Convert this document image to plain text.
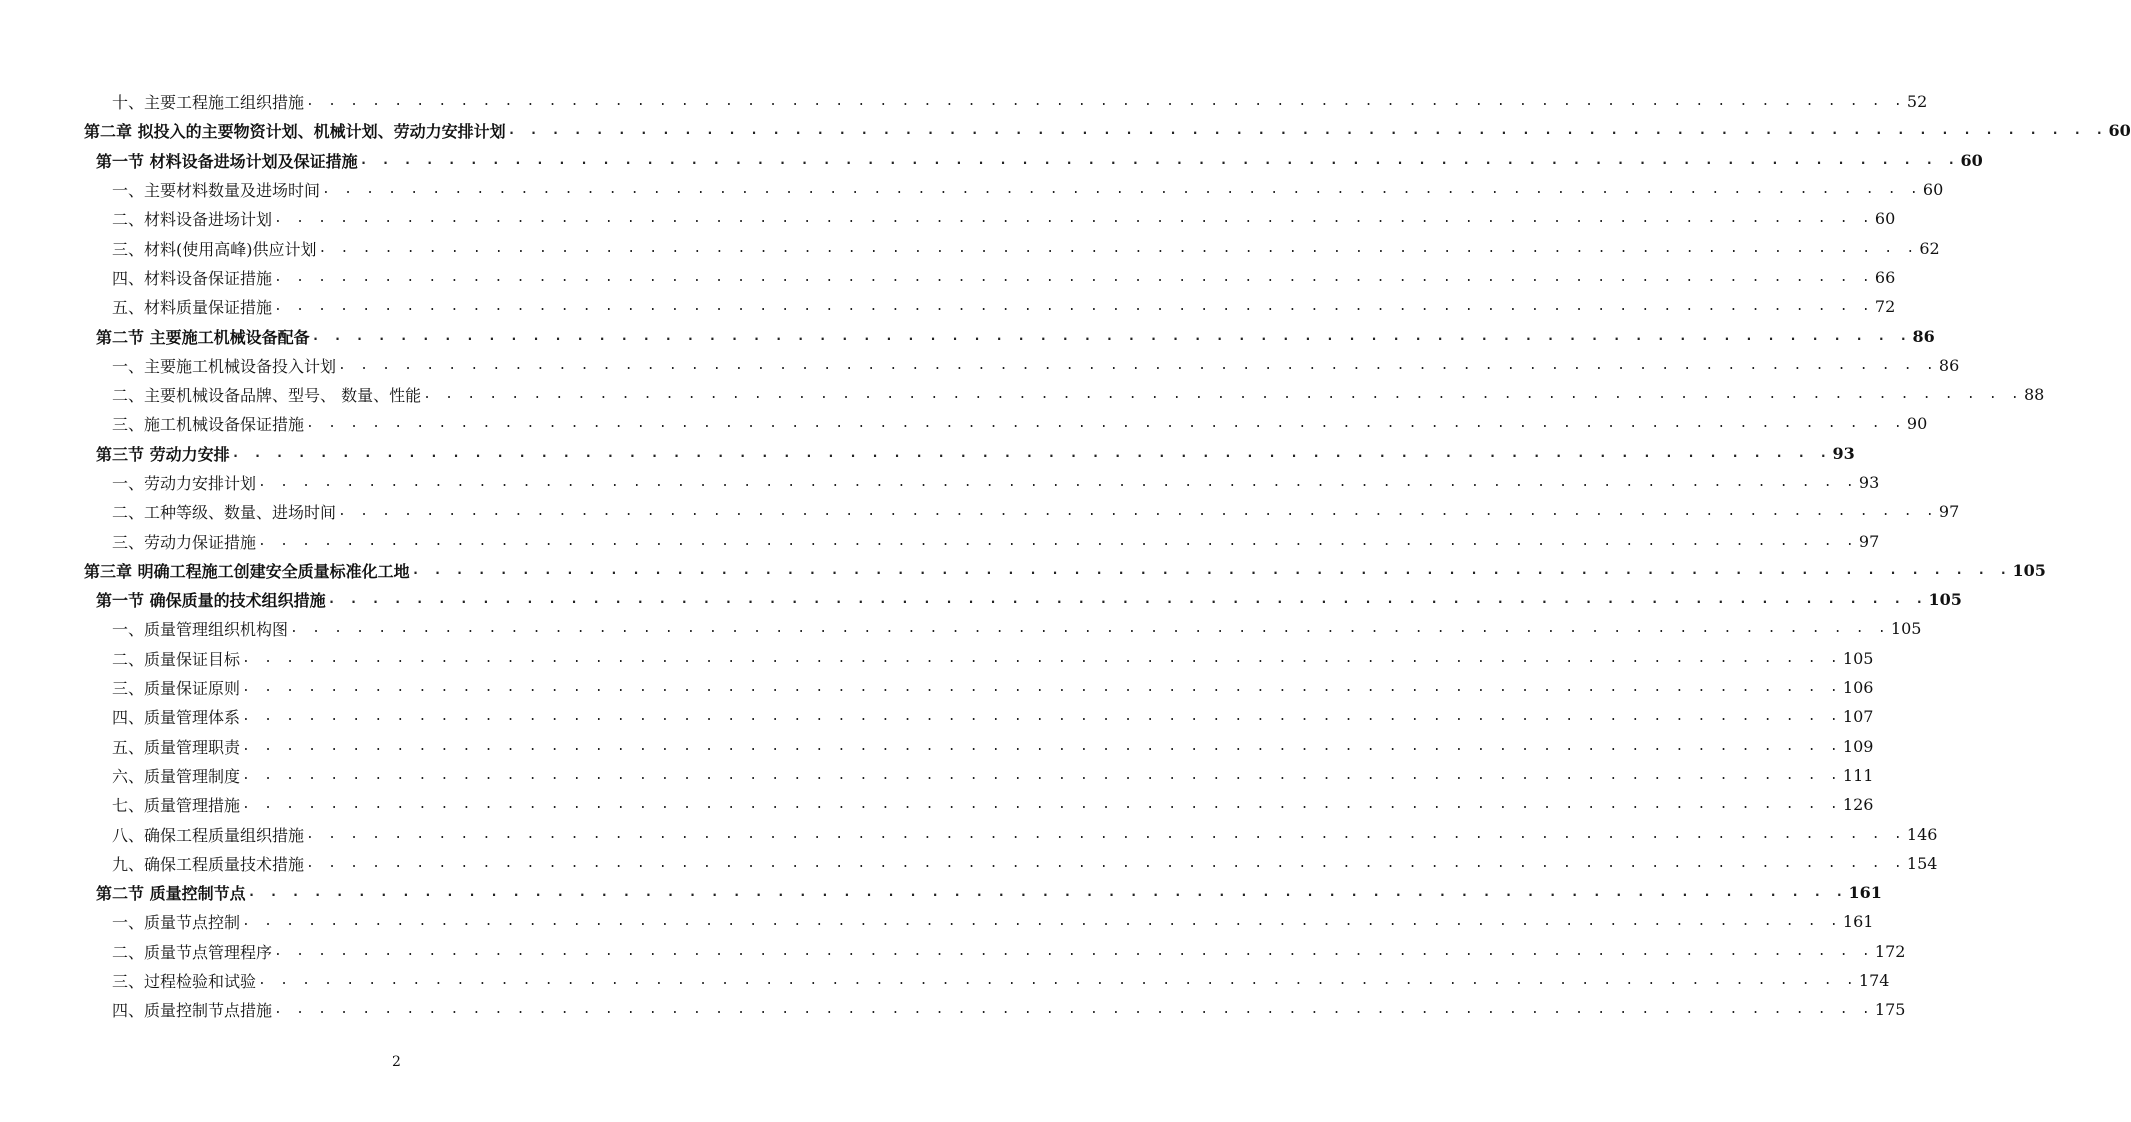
十、主要工程施工组织措施 . . . . . . . . . . . . . . . . . . . . . . . . . . . . . . . . . . . . . . . . . . . . . . . . . . . . . . . . . . . . . . . . . . . . . . . . . 52
第二章 拟投入的主要物资计划、机械计划、劳动力安排计划 . . . . . . . . . . . . . . . . . . . . . . . . . . . . . . . . . . . . . . . . . . . . . . . . . . . . . . . . . . . . . . . . . . . . . . . . . 60
第一节 材料设备进场计划及保证措施 . . . . . . . . . . . . . . . . . . . . . . . . . . . . . . . . . . . . . . . . . . . . . . . . . . . . . . . . . . . . . . . . . . . . . . . . . 60
一、主要材料数量及进场时间 . . . . . . . . . . . . . . . . . . . . . . . . . . . . . . . . . . . . . . . . . . . . . . . . . . . . . . . . . . . . . . . . . . . . . . . . . 60
二、材料设备进场计划 . . . . . . . . . . . . . . . . . . . . . . . . . . . . . . . . . . . . . . . . . . . . . . . . . . . . . . . . . . . . . . . . . . . . . . . . . 60
三、材料(使用高峰)供应计划 . . . . . . . . . . . . . . . . . . . . . . . . . . . . . . . . . . . . . . . . . . . . . . . . . . . . . . . . . . . . . . . . . . . . . . . . . 62
四、材料设备保证措施 . . . . . . . . . . . . . . . . . . . . . . . . . . . . . . . . . . . . . . . . . . . . . . . . . . . . . . . . . . . . . . . . . . . . . . . . . 66
五、材料质量保证措施 . . . . . . . . . . . . . . . . . . . . . . . . . . . . . . . . . . . . . . . . . . . . . . . . . . . . . . . . . . . . . . . . . . . . . . . . . 72
第二节 主要施工机械设备配备 . . . . . . . . . . . . . . . . . . . . . . . . . . . . . . . . . . . . . . . . . . . . . . . . . . . . . . . . . . . . . . . . . . . . . . . . . 86
一、主要施工机械设备投入计划 . . . . . . . . . . . . . . . . . . . . . . . . . . . . . . . . . . . . . . . . . . . . . . . . . . . . . . . . . . . . . . . . . . . . . . . . . 86
二、主要机械设备品牌、型号、 数量、性能 . . . . . . . . . . . . . . . . . . . . . . . . . . . . . . . . . . . . . . . . . . . . . . . . . . . . . . . . . . . . . . . . . . . . . . . . . 88
三、施工机械设备保证措施 . . . . . . . . . . . . . . . . . . . . . . . . . . . . . . . . . . . . . . . . . . . . . . . . . . . . . . . . . . . . . . . . . . . . . . . . . 90
第三节 劳动力安排 . . . . . . . . . . . . . . . . . . . . . . . . . . . . . . . . . . . . . . . . . . . . . . . . . . . . . . . . . . . . . . . . . . . . . . . . . 93
一、劳动力安排计划 . . . . . . . . . . . . . . . . . . . . . . . . . . . . . . . . . . . . . . . . . . . . . . . . . . . . . . . . . . . . . . . . . . . . . . . . . 93
二、工种等级、数量、进场时间 . . . . . . . . . . . . . . . . . . . . . . . . . . . . . . . . . . . . . . . . . . . . . . . . . . . . . . . . . . . . . . . . . . . . . . . . . 97
三、劳动力保证措施 . . . . . . . . . . . . . . . . . . . . . . . . . . . . . . . . . . . . . . . . . . . . . . . . . . . . . . . . . . . . . . . . . . . . . . . . . 97
第三章 明确工程施工创建安全质量标准化工地 . . . . . . . . . . . . . . . . . . . . . . . . . . . . . . . . . . . . . . . . . . . . . . . . . . . . . . . . . . . . . . . . . . . . . . . . . 105
第一节 确保质量的技术组织措施 . . . . . . . . . . . . . . . . . . . . . . . . . . . . . . . . . . . . . . . . . . . . . . . . . . . . . . . . . . . . . . . . . . . . . . . . . 105
一、质量管理组织机构图 . . . . . . . . . . . . . . . . . . . . . . . . . . . . . . . . . . . . . . . . . . . . . . . . . . . . . . . . . . . . . . . . . . . . . . . . . 105
二、质量保证目标 . . . . . . . . . . . . . . . . . . . . . . . . . . . . . . . . . . . . . . . . . . . . . . . . . . . . . . . . . . . . . . . . . . . . . . . . . 105
三、质量保证原则 . . . . . . . . . . . . . . . . . . . . . . . . . . . . . . . . . . . . . . . . . . . . . . . . . . . . . . . . . . . . . . . . . . . . . . . . . 106
四、质量管理体系 . . . . . . . . . . . . . . . . . . . . . . . . . . . . . . . . . . . . . . . . . . . . . . . . . . . . . . . . . . . . . . . . . . . . . . . . . 107
五、质量管理职责 . . . . . . . . . . . . . . . . . . . . . . . . . . . . . . . . . . . . . . . . . . . . . . . . . . . . . . . . . . . . . . . . . . . . . . . . . 109
六、质量管理制度 . . . . . . . . . . . . . . . . . . . . . . . . . . . . . . . . . . . . . . . . . . . . . . . . . . . . . . . . . . . . . . . . . . . . . . . . . 111
七、质量管理措施 . . . . . . . . . . . . . . . . . . . . . . . . . . . . . . . . . . . . . . . . . . . . . . . . . . . . . . . . . . . . . . . . . . . . . . . . . 126
八、确保工程质量组织措施 . . . . . . . . . . . . . . . . . . . . . . . . . . . . . . . . . . . . . . . . . . . . . . . . . . . . . . . . . . . . . . . . . . . . . . . . . 146
九、确保工程质量技术措施 . . . . . . . . . . . . . . . . . . . . . . . . . . . . . . . . . . . . . . . . . . . . . . . . . . . . . . . . . . . . . . . . . . . . . . . . . 154
第二节 质量控制节点 . . . . . . . . . . . . . . . . . . . . . . . . . . . . . . . . . . . . . . . . . . . . . . . . . . . . . . . . . . . . . . . . . . . . . . . . . 161
一、质量节点控制 . . . . . . . . . . . . . . . . . . . . . . . . . . . . . . . . . . . . . . . . . . . . . . . . . . . . . . . . . . . . . . . . . . . . . . . . . 161
二、质量节点管理程序 . . . . . . . . . . . . . . . . . . . . . . . . . . . . . . . . . . . . . . . . . . . . . . . . . . . . . . . . . . . . . . . . . . . . . . . . . 172
三、过程检验和试验 . . . . . . . . . . . . . . . . . . . . . . . . . . . . . . . . . . . . . . . . . . . . . . . . . . . . . . . . . . . . . . . . . . . . . . . . . 174
四、质量控制节点措施 . . . . . . . . . . . . . . . . . . . . . . . . . . . . . . . . . . . . . . . . . . . . . . . . . . . . . . . . . . . . . . . . . . . . . . . . . 175
2
